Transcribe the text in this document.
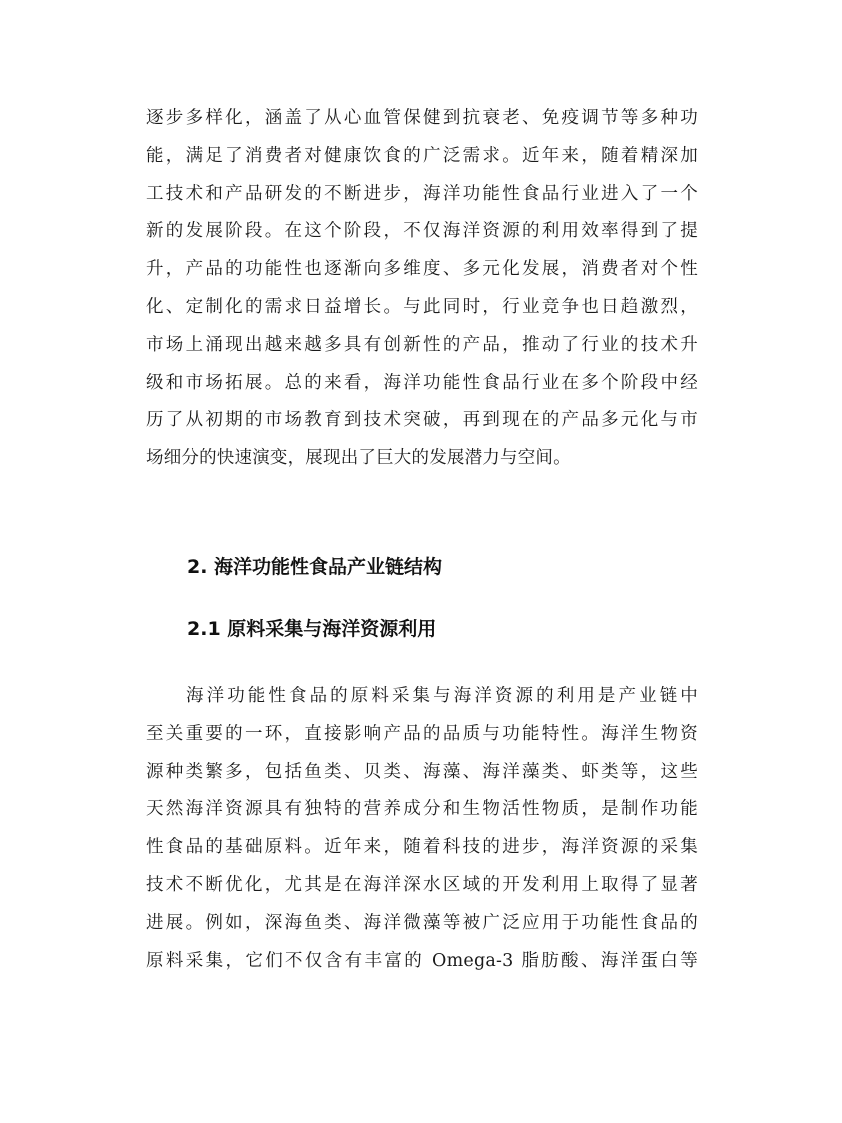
逐步多样化，涵盖了从心血管保健到抗衰老、免疫调节等多种功
能，满足了消费者对健康饮食的广泛需求。近年来，随着精深加
工技术和产品研发的不断进步，海洋功能性食品行业进入了一个
新的发展阶段。在这个阶段，不仅海洋资源的利用效率得到了提
升，产品的功能性也逐渐向多维度、多元化发展，消费者对个性
化、定制化的需求日益增长。与此同时，行业竞争也日趋激烈，
市场上涌现出越来越多具有创新性的产品，推动了行业的技术升
级和市场拓展。总的来看，海洋功能性食品行业在多个阶段中经
历了从初期的市场教育到技术突破，再到现在的产品多元化与市
场细分的快速演变，展现出了巨大的发展潜力与空间。
2. 海洋功能性食品产业链结构
2.1 原料采集与海洋资源利用
海洋功能性食品的原料采集与海洋资源的利用是产业链中
至关重要的一环，直接影响产品的品质与功能特性。海洋生物资
源种类繁多，包括鱼类、贝类、海藻、海洋藻类、虾类等，这些
天然海洋资源具有独特的营养成分和生物活性物质，是制作功能
性食品的基础原料。近年来，随着科技的进步，海洋资源的采集
技术不断优化，尤其是在海洋深水区域的开发利用上取得了显著
进展。例如，深海鱼类、海洋微藻等被广泛应用于功能性食品的
原料采集，它们不仅含有丰富的 Omega-3 脂肪酸、海洋蛋白等
